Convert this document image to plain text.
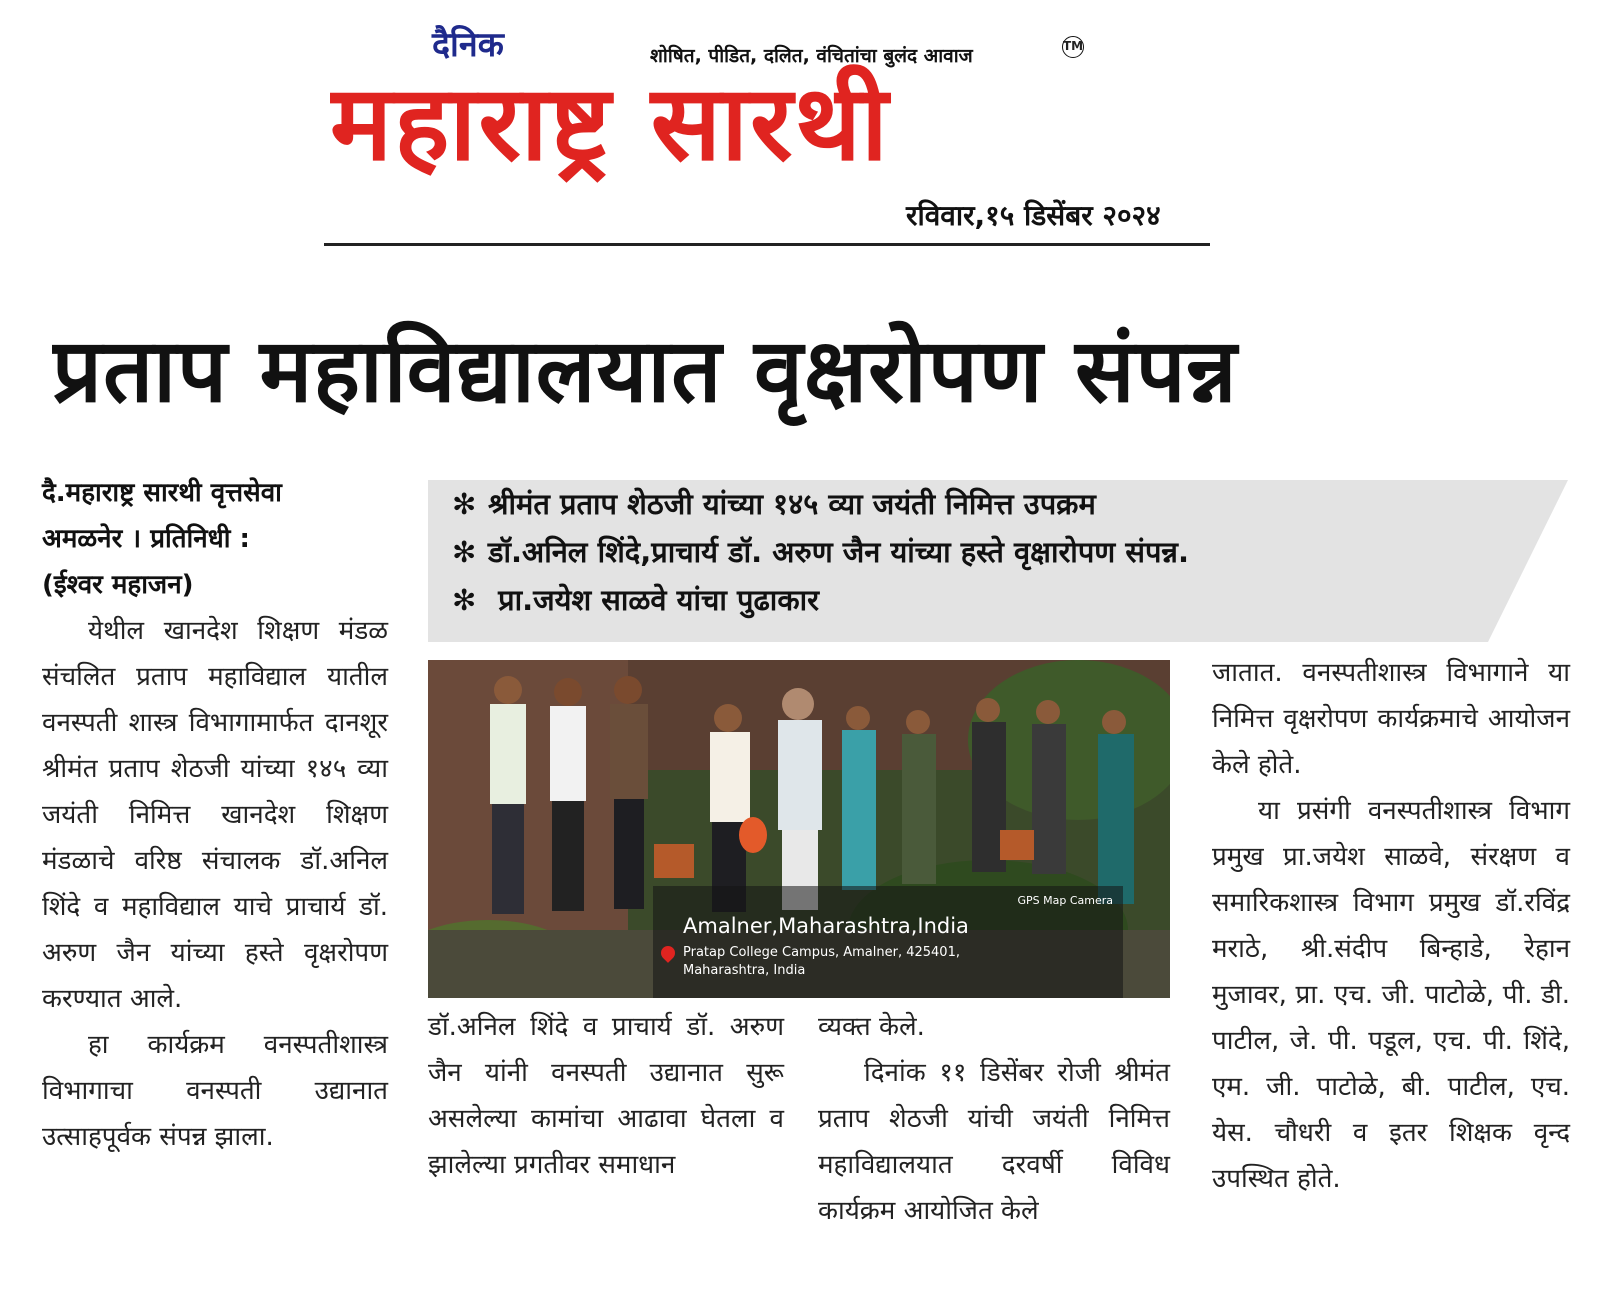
दैनिक	शोषित, पीडित, दलित, वंचितांचा बुलंद आवाज	TM
महाराष्ट्र सारथी
रविवार,१५ डिसेंबर २०२४
प्रताप महाविद्यालयात वृक्षरोपण संपन्न
✻ श्रीमंत प्रताप शेठजी यांच्या १४५ व्या जयंती निमित्त उपक्रम
✻ डॉ.अनिल शिंदे,प्राचार्य डॉ. अरुण जैन यांच्या हस्ते वृक्षारोपण संपन्न.
✻ प्रा.जयेश साळवे यांचा पुढाकार
दै.महाराष्ट्र सारथी वृत्तसेवा
अमळनेर । प्रतिनिधी :
(ईश्वर महाजन)

येथील खानदेश शिक्षण मंडळ संचलित प्रताप महाविद्याल यातील वनस्पती शास्त्र विभागामार्फत दानशूर श्रीमंत प्रताप शेठजी यांच्या १४५ व्या जयंती निमित्त खानदेश शिक्षण मंडळाचे वरिष्ठ संचालक डॉ.अनिल शिंदे व महाविद्याल याचे प्राचार्य डॉ. अरुण जैन यांच्या हस्ते वृक्षरोपण करण्यात आले.

हा कार्यक्रम वनस्पतीशास्त्र विभागाचा वनस्पती उद्यानात उत्साहपूर्वक संपन्न झाला.

GPS Map Camera
Amalner,Maharashtra,India
Pratap College Campus, Amalner, 425401, Maharashtra, India

डॉ.अनिल शिंदे व प्राचार्य डॉ. अरुण जैन यांनी वनस्पती उद्यानात सुरू असलेल्या कामांचा आढावा घेतला व झालेल्या प्रगतीवर समाधान

व्यक्त केले.

दिनांक ११ डिसेंबर रोजी श्रीमंत प्रताप शेठजी यांची जयंती निमित्त महाविद्यालयात दरवर्षी विविध कार्यक्रम आयोजित केले

जातात. वनस्पतीशास्त्र विभागाने या निमित्त वृक्षरोपण कार्यक्रमाचे आयोजन केले होते.

या प्रसंगी वनस्पतीशास्त्र विभाग प्रमुख प्रा.जयेश साळवे, संरक्षण व समारिकशास्त्र विभाग प्रमुख डॉ.रविंद्र मराठे, श्री.संदीप बिन्हाडे, रेहान मुजावर, प्रा. एच. जी. पाटोळे, पी. डी. पाटील, जे. पी. पडूल, एच. पी. शिंदे, एम. जी. पाटोळे, बी. पाटील, एच. येस. चौधरी व इतर शिक्षक वृन्द उपस्थित होते.
